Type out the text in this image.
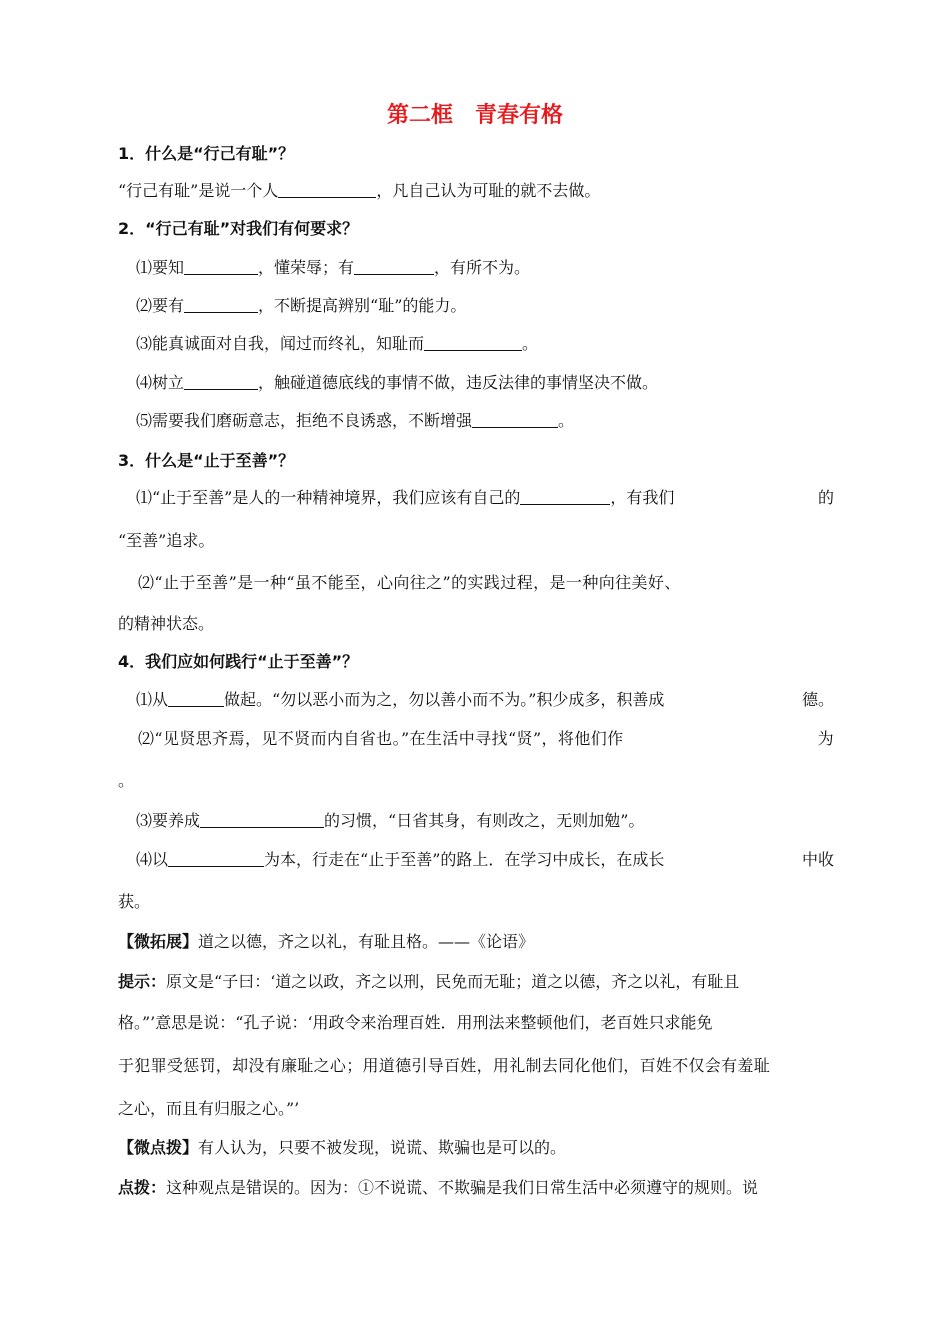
第二框　青春有格

1．什么是“行己有耻”？

“行己有耻”是说一个人	，凡自己认为可耻的就不去做。

2．“行己有耻”对我们有何要求？

⑴要知	，懂荣辱；有	，有所不为。

⑵要有	，不断提高辨别“耻”的能力。

⑶能真诚面对自我，闻过而终礼，知耻而	。

⑷树立	，触碰道德底线的事情不做，违反法律的事情坚决不做。

⑸需要我们磨砺意志，拒绝不良诱惑，不断增强	。

3．什么是“止于至善”？

⑴“止于至善”是人的一种精神境界，我们应该有自己的	，有我们	的

“至善”追求。

⑵“止于至善”是一种“虽不能至，心向往之”的实践过程，是一种向往美好、

的精神状态。

4．我们应如何践行“止于至善”？

⑴从	做起。“勿以恶小而为之，勿以善小而不为。”积少成多，积善成	德。

⑵“见贤思齐焉，见不贤而内自省也。”在生活中寻找“贤”，将他们作	为

。

⑶要养成	的习惯，“日省其身，有则改之，无则加勉”。

⑷以	为本，行走在“止于至善”的路上．在学习中成长，在成长	中收

获。

【微拓展】道之以德，齐之以礼，有耻且格。——《论语》

提示：原文是“子曰：‘道之以政，齐之以刑，民免而无耻；道之以德，齐之以礼，有耻且

格。”’意思是说：“孔子说：‘用政令来治理百姓．用刑法来整顿他们，老百姓只求能免

于犯罪受惩罚，却没有廉耻之心；用道德引导百姓，用礼制去同化他们，百姓不仅会有羞耻

之心，而且有归服之心。”’

【微点拨】有人认为，只要不被发现，说谎、欺骗也是可以的。

点拨：这种观点是错误的。因为：①不说谎、不欺骗是我们日常生活中必须遵守的规则。说
